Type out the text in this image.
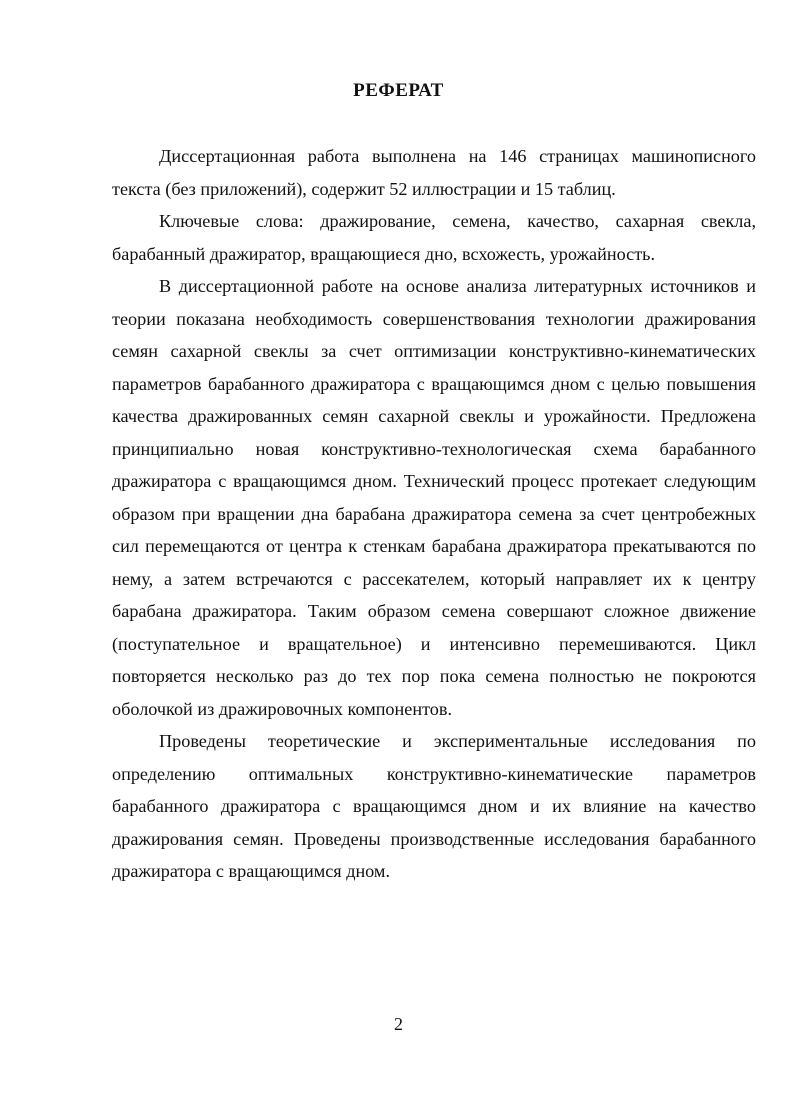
РЕФЕРАТ

Диссертационная работа выполнена на 146 страницах машинописного текста (без приложений), содержит 52 иллюстрации и 15 таблиц.

Ключевые слова: дражирование, семена, качество, сахарная свекла, барабанный дражиратор, вращающиеся дно, всхожесть, урожайность.

В диссертационной работе на основе анализа литературных источников и теории показана необходимость совершенствования технологии дражирования семян сахарной свеклы за счет оптимизации конструктивно-кинематических параметров барабанного дражиратора с вращающимся дном с целью повышения качества дражированных семян сахарной свеклы и урожайности. Предложена принципиально новая конструктивно-технологическая схема барабанного дражиратора с вращающимся дном. Технический процесс протекает следующим образом при вращении дна барабана дражиратора семена за счет центробежных сил перемещаются от центра к стенкам барабана дражиратора прекатываются по нему, а затем встречаются с рассекателем, который направляет их к центру барабана дражиратора. Таким образом семена совершают сложное движение (поступательное и вращательное) и интенсивно перемешиваются. Цикл повторяется несколько раз до тех пор пока семена полностью не покроются оболочкой из дражировочных компонентов.

Проведены теоретические и экспериментальные исследования по определению оптимальных конструктивно-кинематические параметров барабанного дражиратора с вращающимся дном и их влияние на качество дражирования семян. Проведены производственные исследования барабанного дражиратора с вращающимся дном.

2
